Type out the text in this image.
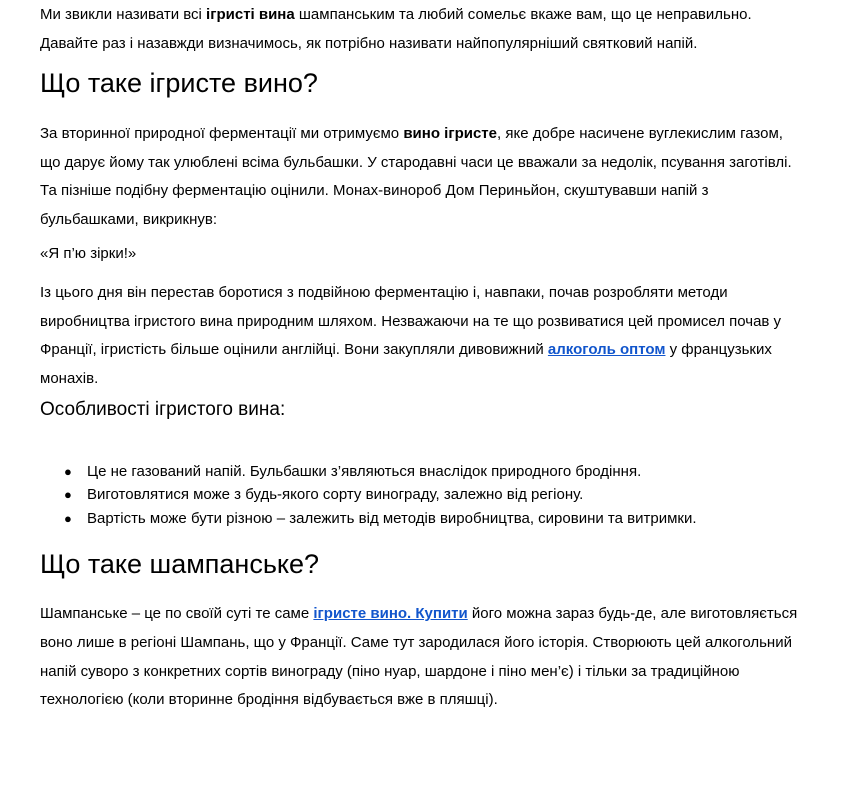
Ми звикли називати всі ігристі вина шампанським та любий сомельє вкаже вам, що це неправильно. Давайте раз і назавжди визначимось, як потрібно називати найпопулярніший святковий напій.

Що таке ігристе вино?

За вторинної природної ферментації ми отримуємо вино ігристе, яке добре насичене вуглекислим газом, що дарує йому так улюблені всіма бульбашки. У стародавні часи це вважали за недолік, псування заготівлі. Та пізніше подібну ферментацію оцінили. Монах-винороб Дом Периньйон, скуштувавши напій з бульбашками, викрикнув:

«Я п’ю зірки!»

Із цього дня він перестав боротися з подвійною ферментацію і, навпаки, почав розробляти методи виробництва ігристого вина природним шляхом. Незважаючи на те що розвиватися цей промисел почав у Франції, ігристість більше оцінили англійці. Вони закупляли дивовижний алкоголь оптом у французьких монахів.

Особливості ігристого вина:
● Це не газований напій. Бульбашки з’являються внаслідок природного бродіння.
● Виготовлятися може з будь-якого сорту винограду, залежно від регіону.
● Вартість може бути різною – залежить від методів виробництва, сировини та витримки.
Що таке шампанське?

Шампанське – це по своїй суті те саме ігристе вино. Купити його можна зараз будь-де, але виготовляється воно лише в регіоні Шампань, що у Франції. Саме тут зародилася його історія. Створюють цей алкогольний напій суворо з конкретних сортів винограду (піно нуар, шардоне і піно мен’є) і тільки за традиційною технологією (коли вторинне бродіння відбувається вже в пляшці).
